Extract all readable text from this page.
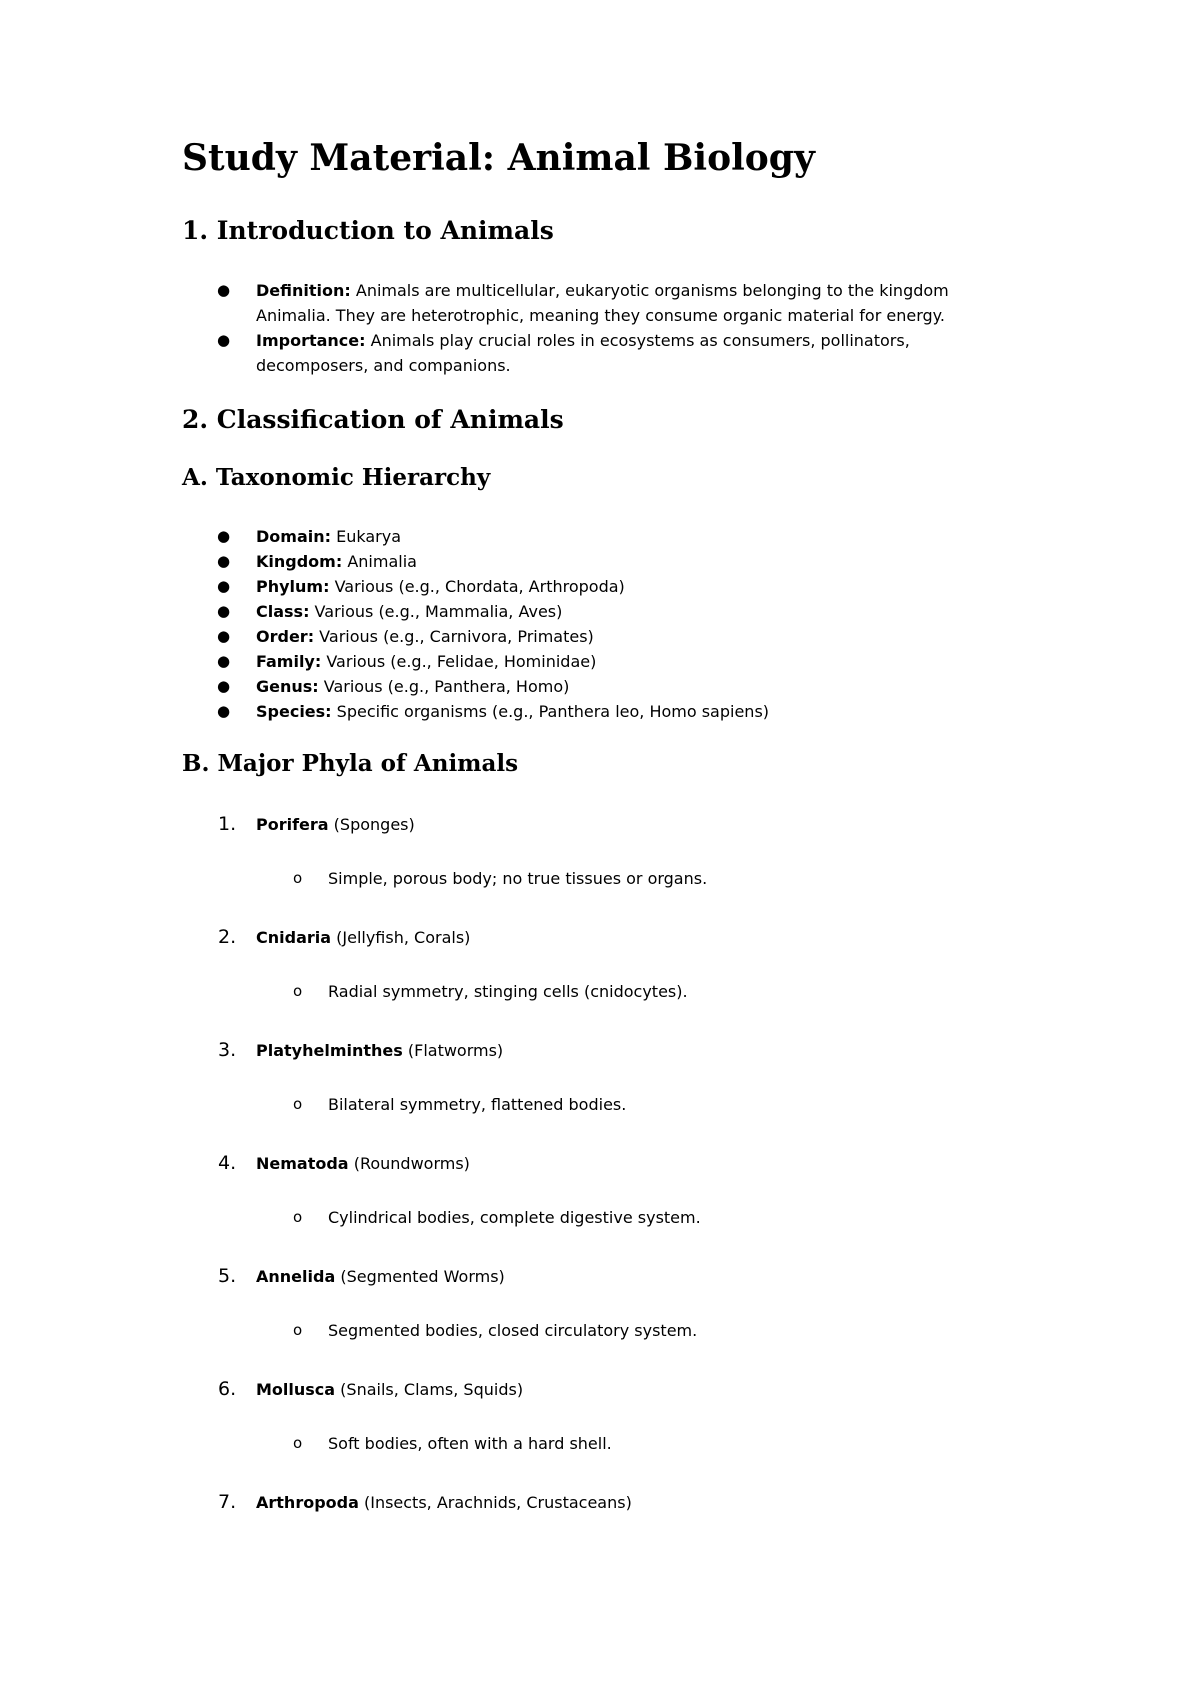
Study Material: Animal Biology
1. Introduction to Animals
● Definition: Animals are multicellular, eukaryotic organisms belonging to the kingdom
Animalia. They are heterotrophic, meaning they consume organic material for energy.
● Importance: Animals play crucial roles in ecosystems as consumers, pollinators,
decomposers, and companions.
2. Classification of Animals
A. Taxonomic Hierarchy
● Domain: Eukarya
● Kingdom: Animalia
● Phylum: Various (e.g., Chordata, Arthropoda)
● Class: Various (e.g., Mammalia, Aves)
● Order: Various (e.g., Carnivora, Primates)
● Family: Various (e.g., Felidae, Hominidae)
● Genus: Various (e.g., Panthera, Homo)
● Species: Specific organisms (e.g., Panthera leo, Homo sapiens)
B. Major Phyla of Animals
1. Porifera (Sponges)
o Simple, porous body; no true tissues or organs.
2. Cnidaria (Jellyfish, Corals)
o Radial symmetry, stinging cells (cnidocytes).
3. Platyhelminthes (Flatworms)
o Bilateral symmetry, flattened bodies.
4. Nematoda (Roundworms)
o Cylindrical bodies, complete digestive system.
5. Annelida (Segmented Worms)
o Segmented bodies, closed circulatory system.
6. Mollusca (Snails, Clams, Squids)
o Soft bodies, often with a hard shell.
7. Arthropoda (Insects, Arachnids, Crustaceans)
